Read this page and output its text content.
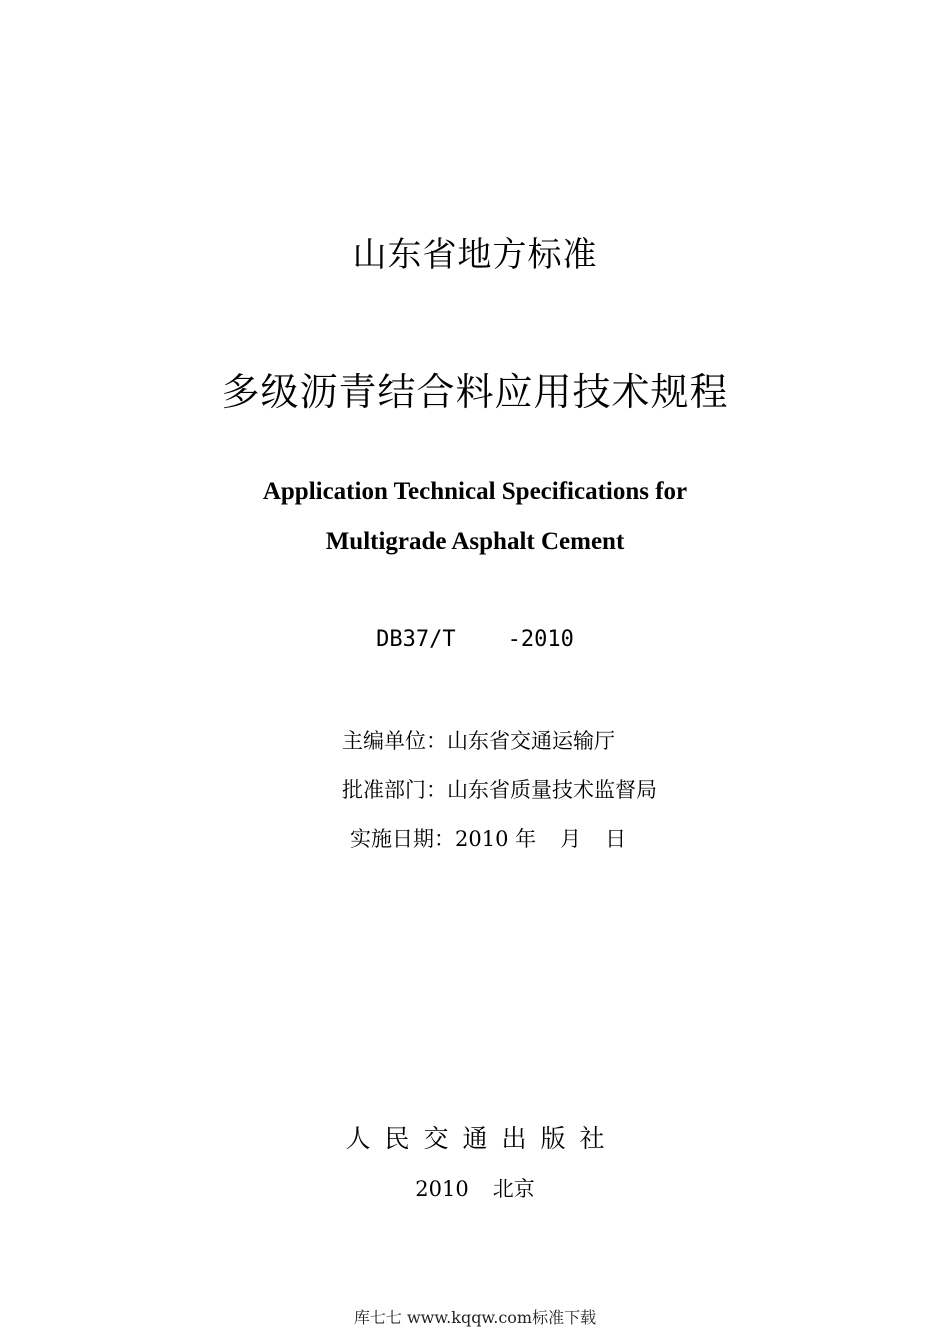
山东省地方标准
多级沥青结合料应用技术规程
Application Technical Specifications for
Multigrade Asphalt Cement
DB37/T -2010
主编单位：山东省交通运输厅
批准部门：山东省质量技术监督局
实施日期：2010 年 月 日
人民交通出版社
2010 北京
库七七 www.kqqw.com标准下载
